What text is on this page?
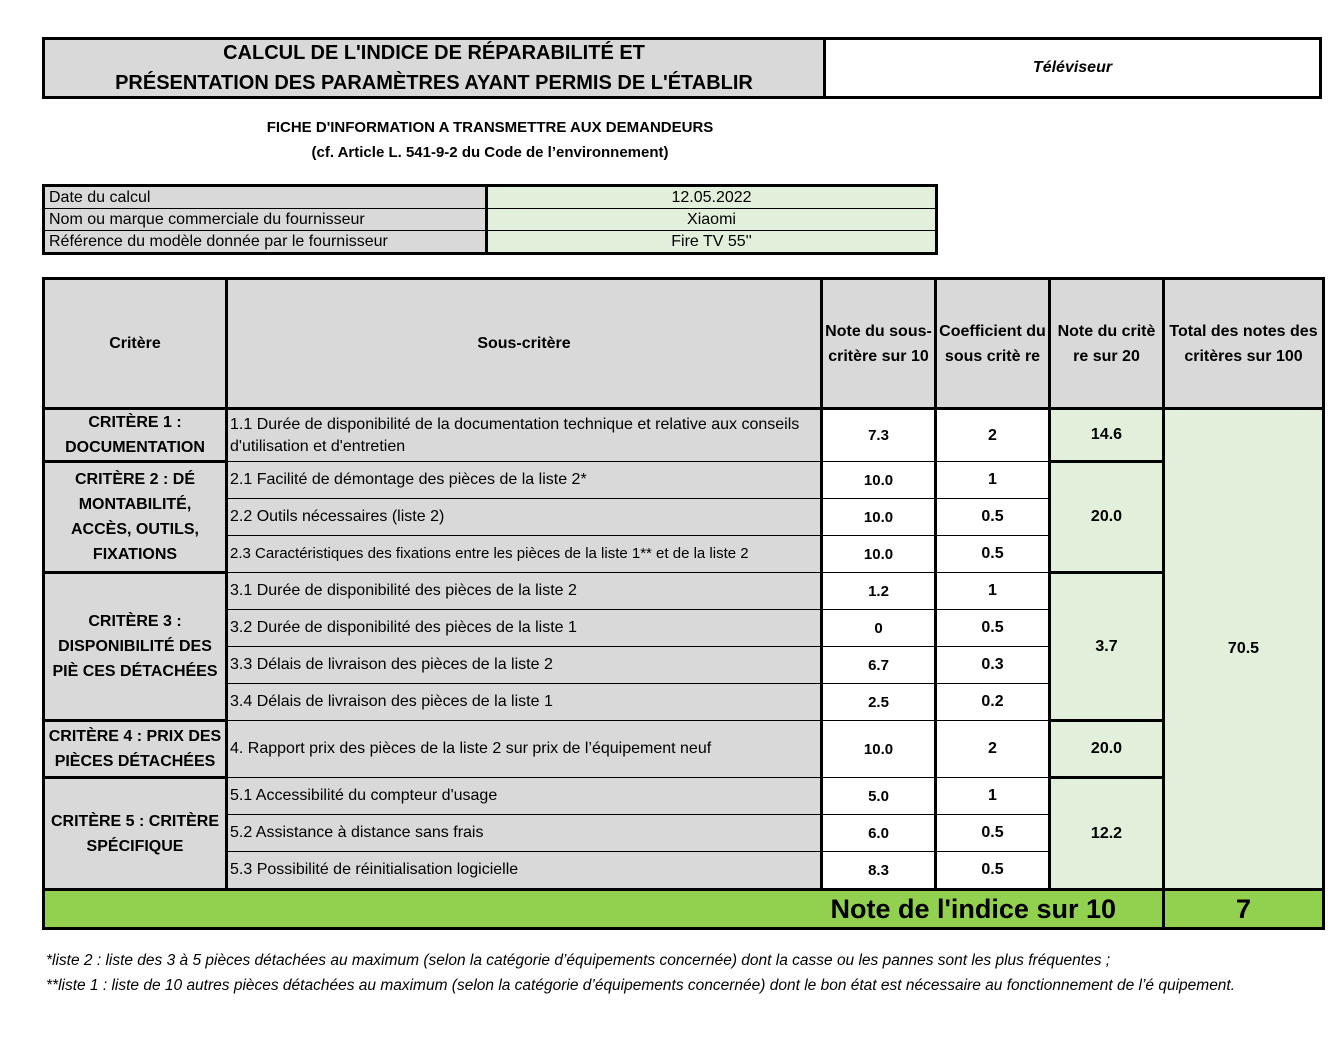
CALCUL DE L'INDICE DE RÉPARABILITÉ ET
PRÉSENTATION DES PARAMÈTRES AYANT PERMIS DE L'ÉTABLIR
Téléviseur
FICHE D'INFORMATION A TRANSMETTRE AUX DEMANDEURS
(cf. Article L. 541-9-2 du Code de l’environnement)
Date du calcul	12.05.2022
Nom ou marque commerciale du fournisseur	Xiaomi
Référence du modèle donnée par le fournisseur	Fire TV 55''
Critère	Sous-critère	Note du sous-critère sur 10	Coefficient du sous critè re	Note du critè re sur 20	Total des notes des critères sur 100
CRITÈRE 1 : DOCUMENTATION	1.1 Durée de disponibilité de la documentation technique et relative aux conseils d'utilisation et d'entretien	7.3	2	14.6	70.5
CRITÈRE 2 : DÉ MONTABILITÉ, ACCÈS, OUTILS, FIXATIONS	2.1 Facilité de démontage des pièces de la liste 2*	10.0	1	20.0	
	2.2 Outils nécessaires (liste 2)	10.0	0.5		
	2.3 Caractéristiques des fixations entre les pièces de la liste 1** et de la liste 2	10.0	0.5		
CRITÈRE 3 : DISPONIBILITÉ DES PIÈ CES DÉTACHÉES	3.1 Durée de disponibilité des pièces de la liste 2	1.2	1	3.7	
	3.2 Durée de disponibilité des pièces de la liste 1	0	0.5		
	3.3 Délais de livraison des pièces de la liste 2	6.7	0.3		
	3.4 Délais de livraison des pièces de la liste 1	2.5	0.2		
CRITÈRE 4 : PRIX DES PIÈCES DÉTACHÉES	4. Rapport prix des pièces de la liste 2 sur prix de l’équipement neuf	10.0	2	20.0	
CRITÈRE 5 : CRITÈRE SPÉCIFIQUE	5.1 Accessibilité du compteur d'usage	5.0	1	12.2	
	5.2 Assistance à distance sans frais	6.0	0.5		
	5.3 Possibilité de réinitialisation logicielle	8.3	0.5		
Note de l'indice sur 10					7
*liste 2 : liste des 3 à 5 pièces détachées au maximum (selon la catégorie d’équipements concernée) dont la casse ou les pannes sont les plus fréquentes ;
**liste 1 : liste de 10 autres pièces détachées au maximum (selon la catégorie d’équipements concernée) dont le bon état est nécessaire au fonctionnement de l’é quipement.
